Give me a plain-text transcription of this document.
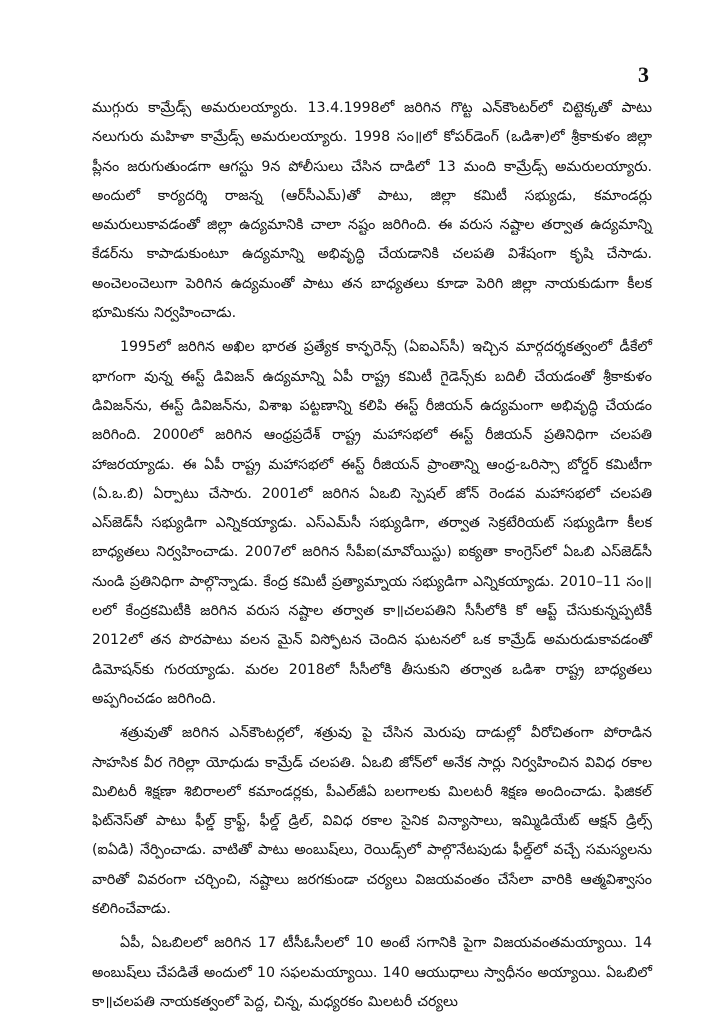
3

ముగ్గురు కామ్రేడ్స్ అమరులయ్యారు. 13.4.1998లో జరిగిన గొట్ట ఎన్‌కౌంటర్‌లో చిట్టెక్కతో పాటు నలుగురు మహిళా కామ్రేడ్స్ అమరులయ్యారు. 1998 సం॥లో కోపర్‌డెంగ్ (ఒడిశా)లో శ్రీకాకుళం జిల్లా ప్లీనం జరుగుతుండగా ఆగస్టు 9న పోలీసులు చేసిన దాడిలో 13 మంది కామ్రేడ్స్ అమరులయ్యారు. అందులో కార్యదర్శి రాజన్న (ఆర్‌సీఎమ్)తో పాటు, జిల్లా కమిటీ సభ్యుడు, కమాండర్లు అమరులుకావడంతో జిల్లా ఉద్యమానికి చాలా నష్టం జరిగింది. ఈ వరుస నష్టాల తర్వాత ఉద్యమాన్ని కేడర్‌ను కాపాడుకుంటూ ఉద్యమాన్ని అభివృద్ధి చేయడానికి చలపతి విశేషంగా కృషి చేసాడు. అంచెలంచెలుగా పెరిగిన ఉద్యమంతో పాటు తన బాధ్యతలు కూడా పెరిగి జిల్లా నాయకుడుగా కీలక భూమికను నిర్వహించాడు.

1995లో జరిగిన అఖిల భారత ప్రత్యేక కాన్ఫరెన్స్ (ఏఐఎస్‌సీ) ఇచ్చిన మార్గదర్శకత్వంలో డీకేలో భాగంగా వున్న ఈస్ట్ డివిజన్ ఉద్యమాన్ని ఏపీ రాష్ట్ర కమిటీ గైడెన్స్‌కు బదిలీ చేయడంతో శ్రీకాకుళం డివిజన్‌ను, ఈస్ట్ డివిజన్‌ను, విశాఖ పట్టణాన్ని కలిపి ఈస్ట్ రీజియన్ ఉద్యమంగా అభివృద్ధి చేయడం జరిగింది. 2000లో జరిగిన ఆంధ్రప్రదేశ్ రాష్ట్ర మహాసభలో ఈస్ట్ రీజియన్ ప్రతినిధిగా చలపతి హాజరయ్యాడు. ఈ ఏపీ రాష్ట్ర మహాసభలో ఈస్ట్ రీజియన్ ప్రాంతాన్ని ఆంధ్ర-ఒరిస్సా బోర్డర్ కమిటీగా (ఏ.ఒ.బి) ఏర్పాటు చేసారు. 2001లో జరిగిన ఏఒబి స్పెషల్ జోన్ రెండవ మహాసభలో చలపతి ఎస్‌జెడ్‌సీ సభ్యుడిగా ఎన్నికయ్యాడు. ఎస్ఎమ్‌సీ సభ్యుడిగా, తర్వాత సెక్రటేరియట్ సభ్యుడిగా కీలక బాధ్యతలు నిర్వహించాడు. 2007లో జరిగిన సీపీఐ(మావోయిస్టు) ఐక్యతా కాంగ్రెస్‌లో ఏఒబి ఎస్‌జెడ్‌సీ నుండి ప్రతినిధిగా పాల్గొన్నాడు. కేంద్ర కమిటీ ప్రత్యామ్నాయ సభ్యుడిగా ఎన్నికయ్యాడు. 2010–11 సం॥లలో కేంద్రకమిటీకి జరిగిన వరుస నష్టాల తర్వాత కా॥చలపతిని సీసీలోకి కో ఆప్ట్ చేసుకున్నప్పటికీ 2012లో తన పొరపాటు వలన మైన్ విస్ఫోటన చెందిన ఘటనలో ఒక కామ్రేడ్ అమరుడుకావడంతో డిమోషన్‌కు గురయ్యాడు. మరల 2018లో సీసీలోకి తీసుకుని తర్వాత ఒడిశా రాష్ట్ర బాధ్యతలు అప్పగించడం జరిగింది.

శత్రువుతో జరిగిన ఎన్‌కౌంటర్లలో, శత్రువు పై చేసిన మెరుపు దాడుల్లో వీరోచితంగా పోరాడిన సాహసిక వీర గెరిల్లా యోధుడు కామ్రేడ్ చలపతి. ఏఒబి జోన్‌లో అనేక సార్లు నిర్వహించిన వివిధ రకాల మిలిటరీ శిక్షణా శిబిరాలలో కమాండర్లకు, పీఎల్‌జీఏ బలగాలకు మిలటరీ శిక్షణ అందించాడు. ఫిజికల్ ఫిట్‌నెస్‌తో పాటు ఫీల్డ్ క్రాఫ్ట్, ఫీల్డ్ డ్రిల్, వివిధ రకాల సైనిక విన్యాసాలు, ఇమ్మిడియేట్ ఆక్షన్ డ్రిల్స్ (ఐఏడి) నేర్పించాడు. వాటితో పాటు అంబుష్‌లు, రెయిడ్స్‌లో పాల్గొనేటపుడు ఫీల్డ్‌లో వచ్చే సమస్యలను వారితో వివరంగా చర్చించి, నష్టాలు జరగకుండా చర్యలు విజయవంతం చేసేలా వారికి ఆత్మవిశ్వాసం కలిగించేవాడు.

ఏపీ, ఏఒబిలలో జరిగిన 17 టీసీఓసీలలో 10 అంటే సగానికి పైగా విజయవంతమయ్యాయి. 14 అంబుష్‌లు చేపడితే అందులో 10 సఫలమయ్యాయి. 140 ఆయుధాలు స్వాధీనం అయ్యాయి. ఏఒబిలో కా॥చలపతి నాయకత్వంలో పెద్ద, చిన్న, మధ్యరకం మిలటరీ చర్యలు
